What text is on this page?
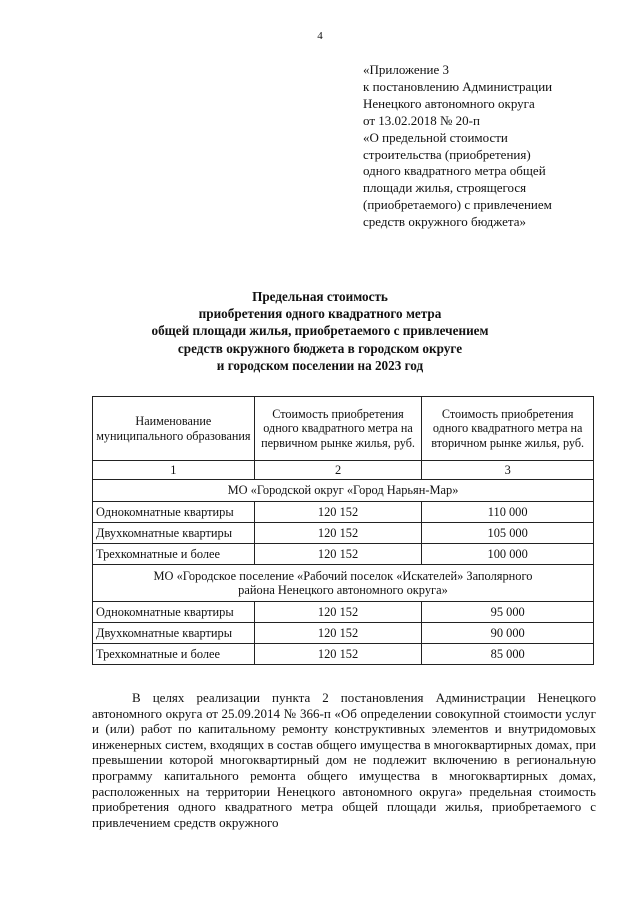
4
«Приложение 3
к постановлению Администрации
Ненецкого автономного округа
от 13.02.2018 № 20-п
«О предельной стоимости
строительства (приобретения)
одного квадратного метра общей
площади жилья, строящегося
(приобретаемого) с привлечением
средств окружного бюджета»
Предельная стоимость
приобретения одного квадратного метра
общей площади жилья, приобретаемого с привлечением
средств окружного бюджета в городском округе
и городском поселении на 2023 год
Наименование муниципального образования	Стоимость приобретения одного квадратного метра на первичном рынке жилья, руб.	Стоимость приобретения одного квадратного метра на вторичном рынке жилья, руб.
1	2	3
МО «Городской округ «Город Нарьян-Мар»		
Однокомнатные квартиры	120 152	110 000
Двухкомнатные квартиры	120 152	105 000
Трехкомнатные и более	120 152	100 000
МО «Городское поселение «Рабочий поселок «Искателей» Заполярного района Ненецкого автономного округа»		
Однокомнатные квартиры	120 152	95 000
Двухкомнатные квартиры	120 152	90 000
Трехкомнатные и более	120 152	85 000
В целях реализации пункта 2 постановления Администрации Ненецкого автономного округа от 25.09.2014 № 366-п «Об определении совокупной стоимости услуг и (или) работ по капитальному ремонту конструктивных элементов и внутридомовых инженерных систем, входящих в состав общего имущества в многоквартирных домах, при превышении которой многоквартирный дом не подлежит включению в региональную программу капитального ремонта общего имущества в многоквартирных домах, расположенных на территории Ненецкого автономного округа» предельная стоимость приобретения одного квадратного метра общей площади жилья, приобретаемого с привлечением средств окружного
